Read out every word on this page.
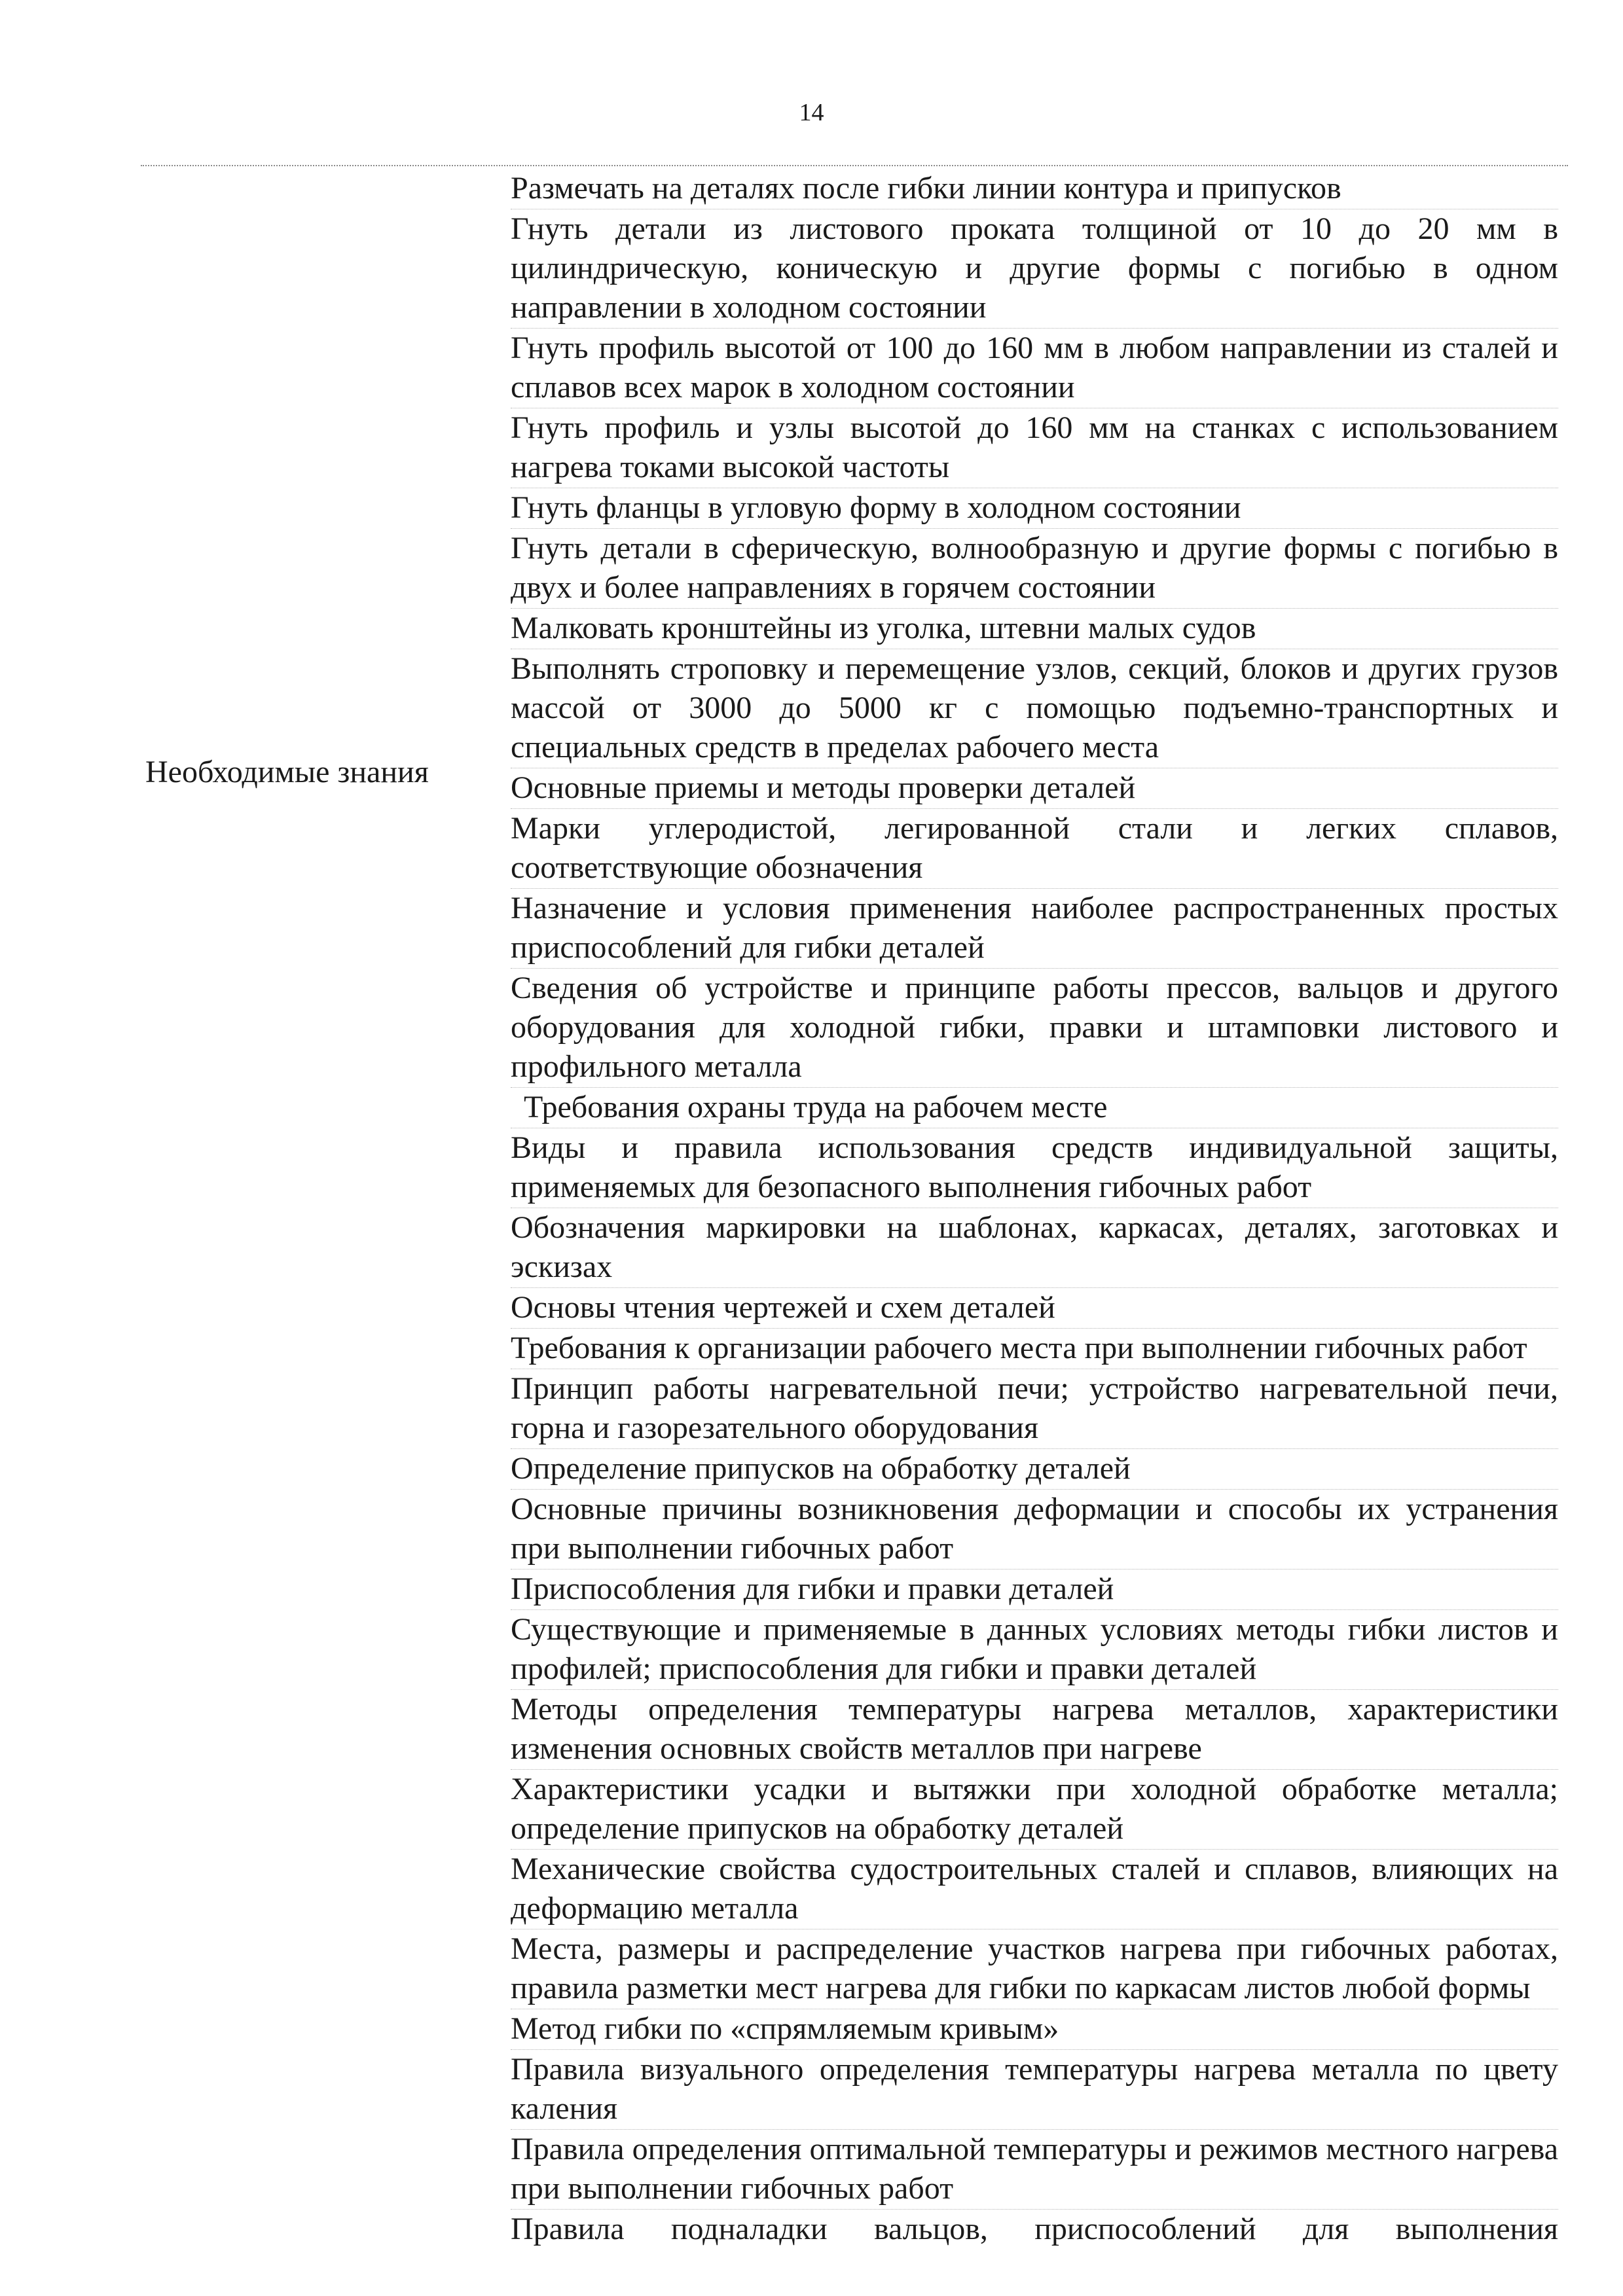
14
Необходимые знания

Размечать на деталях после гибки линии контура и припусков

Гнуть детали из листового проката толщиной от 10 до 20 мм в цилиндрическую, коническую и другие формы с погибью в одном направлении в холодном состоянии

Гнуть профиль высотой от 100 до 160 мм в любом направлении из сталей и сплавов всех марок в холодном состоянии

Гнуть профиль и узлы высотой до 160 мм на станках с использованием нагрева токами высокой частоты

Гнуть фланцы в угловую форму в холодном состоянии

Гнуть детали в сферическую, волнообразную и другие формы с погибью в двух и более направлениях в горячем состоянии

Малковать кронштейны из уголка, штевни малых судов

Выполнять строповку и перемещение узлов, секций, блоков и других грузов массой от 3000 до 5000 кг с помощью подъемно-транспортных и специальных средств в пределах рабочего места

Основные приемы и методы проверки деталей

Марки углеродистой, легированной стали и легких сплавов, соответствующие обозначения

Назначение и условия применения наиболее распространенных простых приспособлений для гибки деталей

Сведения об устройстве и принципе работы прессов, вальцов и другого оборудования для холодной гибки, правки и штамповки листового и профильного металла

Требования охраны труда на рабочем месте

Виды и правила использования средств индивидуальной защиты, применяемых для безопасного выполнения гибочных работ

Обозначения маркировки на шаблонах, каркасах, деталях, заготовках и эскизах

Основы чтения чертежей и схем деталей

Требования к организации рабочего места при выполнении гибочных работ

Принцип работы нагревательной печи; устройство нагревательной печи, горна и газорезательного оборудования

Определение припусков на обработку деталей

Основные причины возникновения деформации и способы их устранения при выполнении гибочных работ

Приспособления для гибки и правки деталей

Существующие и применяемые в данных условиях методы гибки листов и профилей; приспособления для гибки и правки деталей

Методы определения температуры нагрева металлов, характеристики изменения основных свойств металлов при нагреве

Характеристики усадки и вытяжки при холодной обработке металла; определение припусков на обработку деталей

Механические свойства судостроительных сталей и сплавов, влияющих на деформацию металла

Места, размеры и распределение участков нагрева при гибочных работах, правила разметки мест нагрева для гибки по каркасам листов любой формы

Метод гибки по «спрямляемым кривым»

Правила визуального определения температуры нагрева металла по цвету каления

Правила определения оптимальной температуры и режимов местного нагрева при выполнении гибочных работ

Правила подналадки вальцов, приспособлений для выполнения
